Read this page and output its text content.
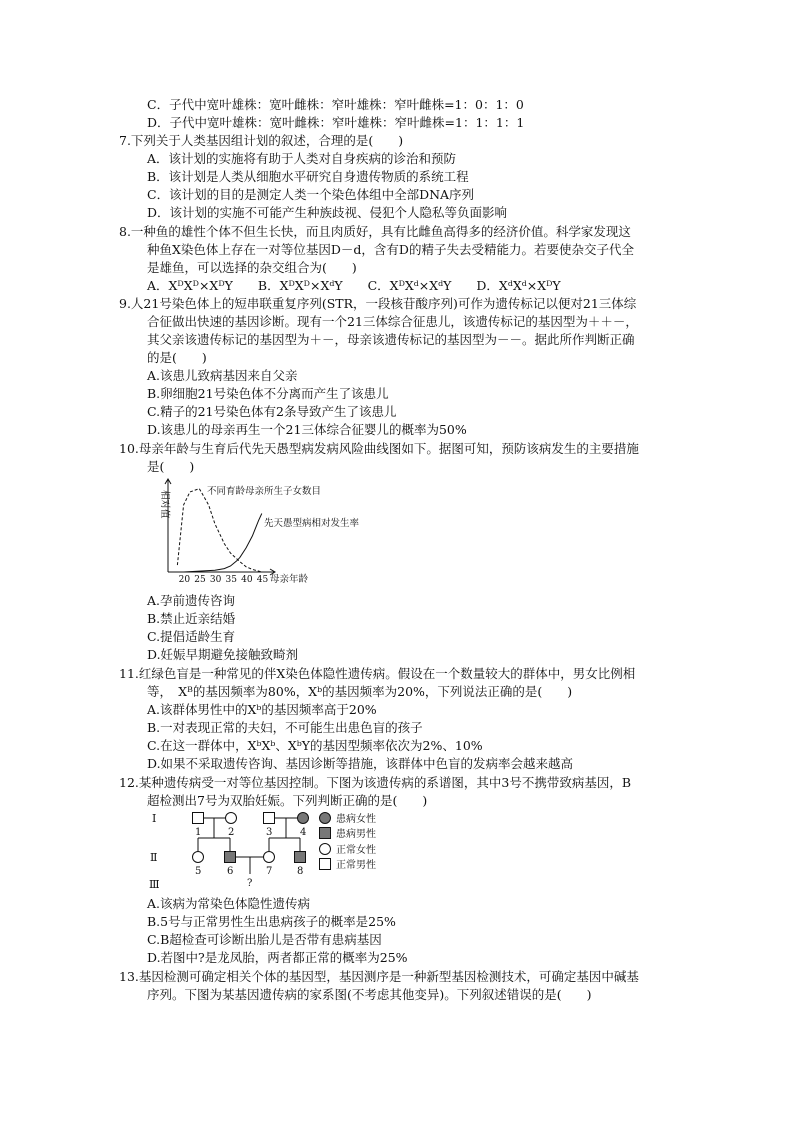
C．子代中宽叶雄株：宽叶雌株：窄叶雄株：窄叶雌株=1：0：1：0
D．子代中宽叶雄株：宽叶雌株：窄叶雄株：窄叶雌株=1：1：1：1
7.下列关于人类基因组计划的叙述，合理的是(　　)
A．该计划的实施将有助于人类对自身疾病的诊治和预防
B．该计划是人类从细胞水平研究自身遗传物质的系统工程
C．该计划的目的是测定人类一个染色体组中全部DNA序列
D．该计划的实施不可能产生种族歧视、侵犯个人隐私等负面影响
8.一种鱼的雄性个体不但生长快，而且肉质好，具有比雌鱼高得多的经济价值。科学家发现这
种鱼X染色体上存在一对等位基因D－d，含有D的精子失去受精能力。若要使杂交子代全
是雄鱼，可以选择的杂交组合为(　　)
A．XᴰXᴰ×XᴰY　　B．XᴰXᴰ×XᵈY　　C．XᴰXᵈ×XᵈY　　D．XᵈXᵈ×XᴰY
9.人21号染色体上的短串联重复序列(STR，一段核苷酸序列)可作为遗传标记以便对21三体综
合征做出快速的基因诊断。现有一个21三体综合征患儿，该遗传标记的基因型为＋＋－，
其父亲该遗传标记的基因型为＋－，母亲该遗传标记的基因型为－－。据此所作判断正确
的是(　　)
A.该患儿致病基因来自父亲
B.卵细胞21号染色体不分离而产生了该患儿
C.精子的21号染色体有2条导致产生了该患儿
D.该患儿的母亲再生一个21三体综合征婴儿的概率为50%
10.母亲年龄与生育后代先天愚型病发病风险曲线图如下。据图可知，预防该病发生的主要措施
是(　　)
20 25 30 35 40 45 母亲年龄
相对值	不同育龄母亲所生子女数目
先天愚型病相对发生率
A.孕前遗传咨询
B.禁止近亲结婚
C.提倡适龄生育
D.妊娠早期避免接触致畸剂
11.红绿色盲是一种常见的伴X染色体隐性遗传病。假设在一个数量较大的群体中，男女比例相
等，　Xᴮ的基因频率为80%，Xᵇ的基因频率为20%，下列说法正确的是(　　)
A.该群体男性中的Xᵇ的基因频率高于20%
B.一对表现正常的夫妇，不可能生出患色盲的孩子
C.在这一群体中，XᵇXᵇ、XᵇY的基因型频率依次为2%、10%
D.如果不采取遗传咨询、基因诊断等措施，该群体中色盲的发病率会越来越高
12.某种遗传病受一对等位基因控制。下图为该遗传病的系谱图，其中3号不携带致病基因，B
超检测出7号为双胎妊娠。下列判断正确的是(　　)
Ⅰ
Ⅱ
Ⅲ
1	2	3	4
5	6	7 8
?
患病女性
患病男性
正常女性
正常男性
A.该病为常染色体隐性遗传病
B.5号与正常男性生出患病孩子的概率是25%
C.B超检查可诊断出胎儿是否带有患病基因
D.若图中?是龙凤胎，两者都正常的概率为25%
13.基因检测可确定相关个体的基因型，基因测序是一种新型基因检测技术，可确定基因中碱基
序列。下图为某基因遗传病的家系图(不考虑其他变异)。下列叙述错误的是(　　)
